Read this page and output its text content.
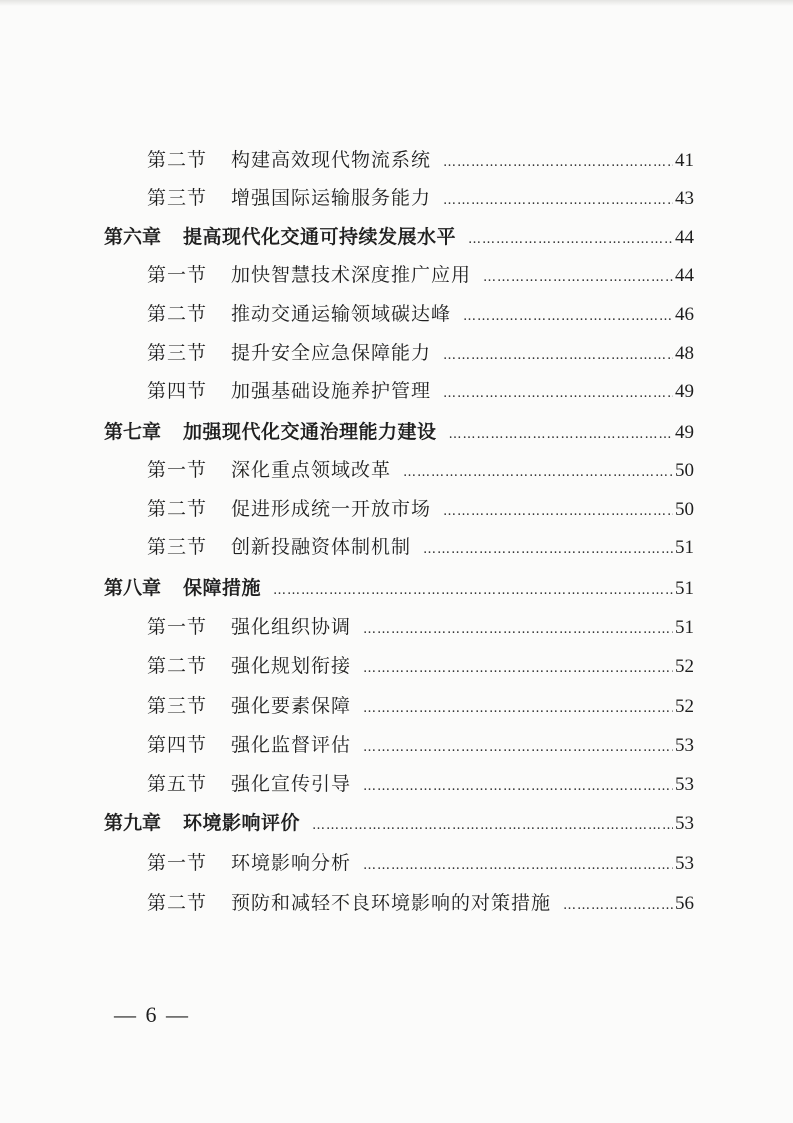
第二节 构建高效现代物流系统 ………………………………………………………………………………………………………………………	41
第三节 增强国际运输服务能力 ………………………………………………………………………………………………………………………	43
第六章 提高现代化交通可持续发展水平 ………………………………………………………………………………………………………………………	44
第一节 加快智慧技术深度推广应用 ………………………………………………………………………………………………………………………	44
第二节 推动交通运输领域碳达峰 ………………………………………………………………………………………………………………………	46
第三节 提升安全应急保障能力 ………………………………………………………………………………………………………………………	48
第四节 加强基础设施养护管理 ………………………………………………………………………………………………………………………	49
第七章 加强现代化交通治理能力建设 ………………………………………………………………………………………………………………………	49
第一节 深化重点领域改革 ………………………………………………………………………………………………………………………	50
第二节 促进形成统一开放市场 ………………………………………………………………………………………………………………………	50
第三节 创新投融资体制机制 ………………………………………………………………………………………………………………………	51
第八章 保障措施 ………………………………………………………………………………………………………………………	51
第一节 强化组织协调 ………………………………………………………………………………………………………………………	51
第二节 强化规划衔接 ………………………………………………………………………………………………………………………	52
第三节 强化要素保障 ………………………………………………………………………………………………………………………	52
第四节 强化监督评估 ………………………………………………………………………………………………………………………	53
第五节 强化宣传引导 ………………………………………………………………………………………………………………………	53
第九章 环境影响评价 ………………………………………………………………………………………………………………………	53
第一节 环境影响分析 ………………………………………………………………………………………………………………………	53
第二节 预防和减轻不良环境影响的对策措施 ………………………………………………………………………………………………………………………	56
— 6 —
